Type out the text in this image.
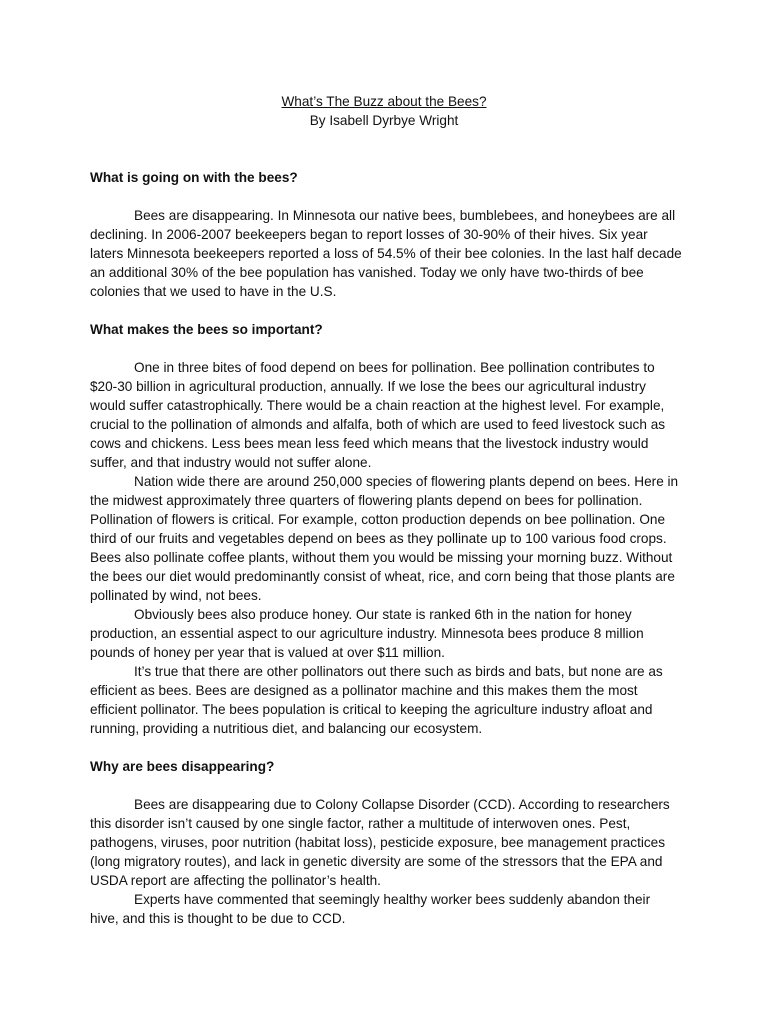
What’s The Buzz about the Bees?
By Isabell Dyrbye Wright
What is going on with the bees?

Bees are disappearing. In Minnesota our native bees, bumblebees, and honeybees are all declining. In 2006-2007 beekeepers began to report losses of 30-90% of their hives. Six year laters Minnesota beekeepers reported a loss of 54.5% of their bee colonies. In the last half decade an additional 30% of the bee population has vanished. Today we only have two-thirds of bee colonies that we used to have in the U.S.

What makes the bees so important?

One in three bites of food depend on bees for pollination. Bee pollination contributes to $20-30 billion in agricultural production, annually. If we lose the bees our agricultural industry would suffer catastrophically. There would be a chain reaction at the highest level. For example, crucial to the pollination of almonds and alfalfa, both of which are used to feed livestock such as cows and chickens. Less bees mean less feed which means that the livestock industry would suffer, and that industry would not suffer alone.

Nation wide there are around 250,000 species of flowering plants depend on bees. Here in the midwest approximately three quarters of flowering plants depend on bees for pollination. Pollination of flowers is critical. For example, cotton production depends on bee pollination. One third of our fruits and vegetables depend on bees as they pollinate up to 100 various food crops. Bees also pollinate coffee plants, without them you would be missing your morning buzz. Without the bees our diet would predominantly consist of wheat, rice, and corn being that those plants are pollinated by wind, not bees.

Obviously bees also produce honey. Our state is ranked 6th in the nation for honey production, an essential aspect to our agriculture industry. Minnesota bees produce 8 million pounds of honey per year that is valued at over $11 million.

It’s true that there are other pollinators out there such as birds and bats, but none are as efficient as bees. Bees are designed as a pollinator machine and this makes them the most efficient pollinator. The bees population is critical to keeping the agriculture industry afloat and running, providing a nutritious diet, and balancing our ecosystem.

Why are bees disappearing?

Bees are disappearing due to Colony Collapse Disorder (CCD). According to researchers this disorder isn’t caused by one single factor, rather a multitude of interwoven ones. Pest, pathogens, viruses, poor nutrition (habitat loss), pesticide exposure, bee management practices (long migratory routes), and lack in genetic diversity are some of the stressors that the EPA and USDA report are affecting the pollinator’s health.

Experts have commented that seemingly healthy worker bees suddenly abandon their hive, and this is thought to be due to CCD.
